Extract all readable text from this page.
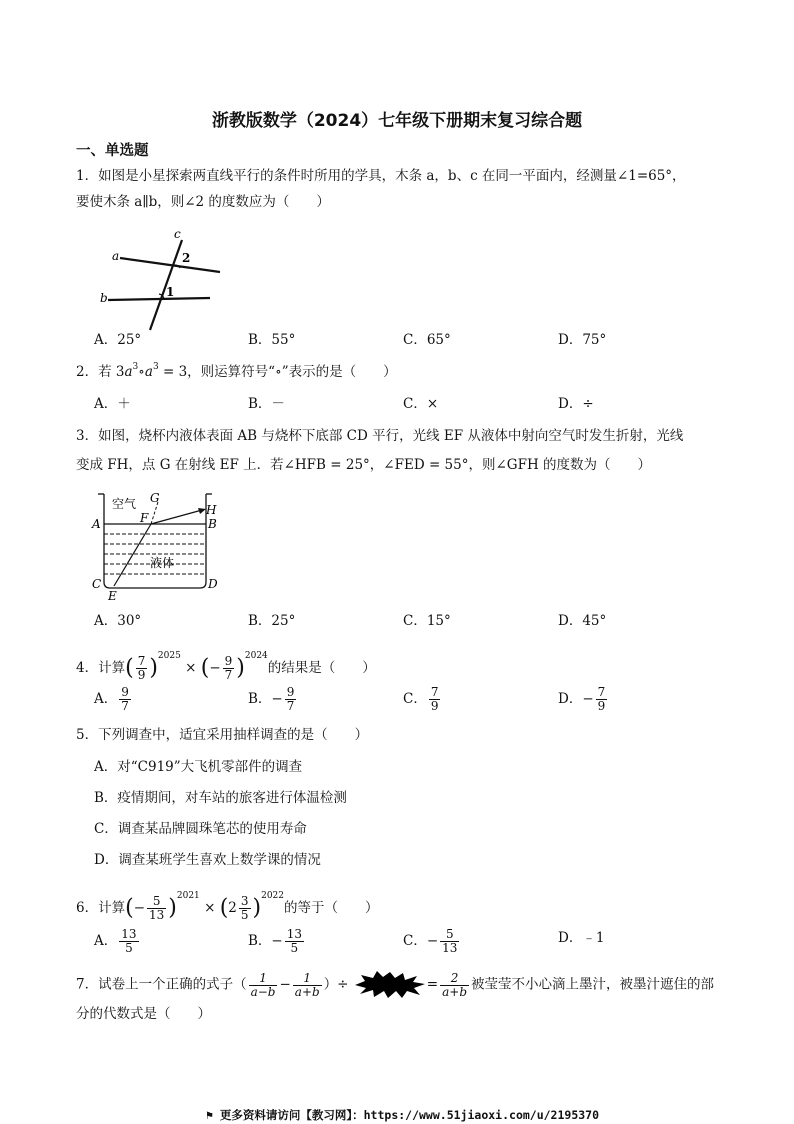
浙教版数学（2024）七年级下册期末复习综合题
一、单选题
1．如图是小星探索两直线平行的条件时所用的学具，木条 a，b、c 在同一平面内，经测量∠1=65°，
要使木条 a∥b，则∠2 的度数应为（　　）
a
b
c
2
1
A．25°	B．55°	C．65°	D．75°
2．若 $3a^3\circ a^3 = 3$，则运算符号“∘”表示的是（　　）
A．＋	B．－	C．×	D．÷
3．如图，烧杯内液体表面 AB 与烧杯下底部 CD 平行，光线 EF 从液体中射向空气时发生折射，光线
变成 FH，点 G 在射线 EF 上．若∠HFB = 25°，∠FED = 55°，则∠GFH 的度数为（　　）
空气
液体
A	B
C	D
E
F
G
H
A．30°	B．25°	C．15°	D．45°
4．计算( $\frac{7}{9} )^{2025}$ × (− $\frac{9}{7} )^{2024}$的结果是（　　）
A． $\frac{9}{7}$	B．− $\frac{9}{7}$	C． $\frac{7}{9}$	D．− $\frac{7}{9}$
5．下列调查中，适宜采用抽样调查的是（　　）
A．对“C919”大飞机零部件的调查
B．疫情期间，对车站的旅客进行体温检测
C．调查某品牌圆珠笔芯的使用寿命
D．调查某班学生喜欢上数学课的情况
6．计算(− $\frac{5}{13} )^{2021} \times (2 \frac{3}{5} )^{2022}$的等于（　　）
A． $\frac{13}{5}$	B．− $\frac{13}{5}$	C．− $\frac{5}{13}$	D．﹣1
7．试卷上一个正确的式子（ $\frac{1}{a-b} - \frac{1}{a+b}$ ）÷	= $\frac{2}{a+b}$ 被莹莹不小心滴上墨汁，被墨汁遮住的部
分的代数式是（　　）
⚑ 更多资料请访问【教习网】：https://www.51jiaoxi.com/u/2195370
